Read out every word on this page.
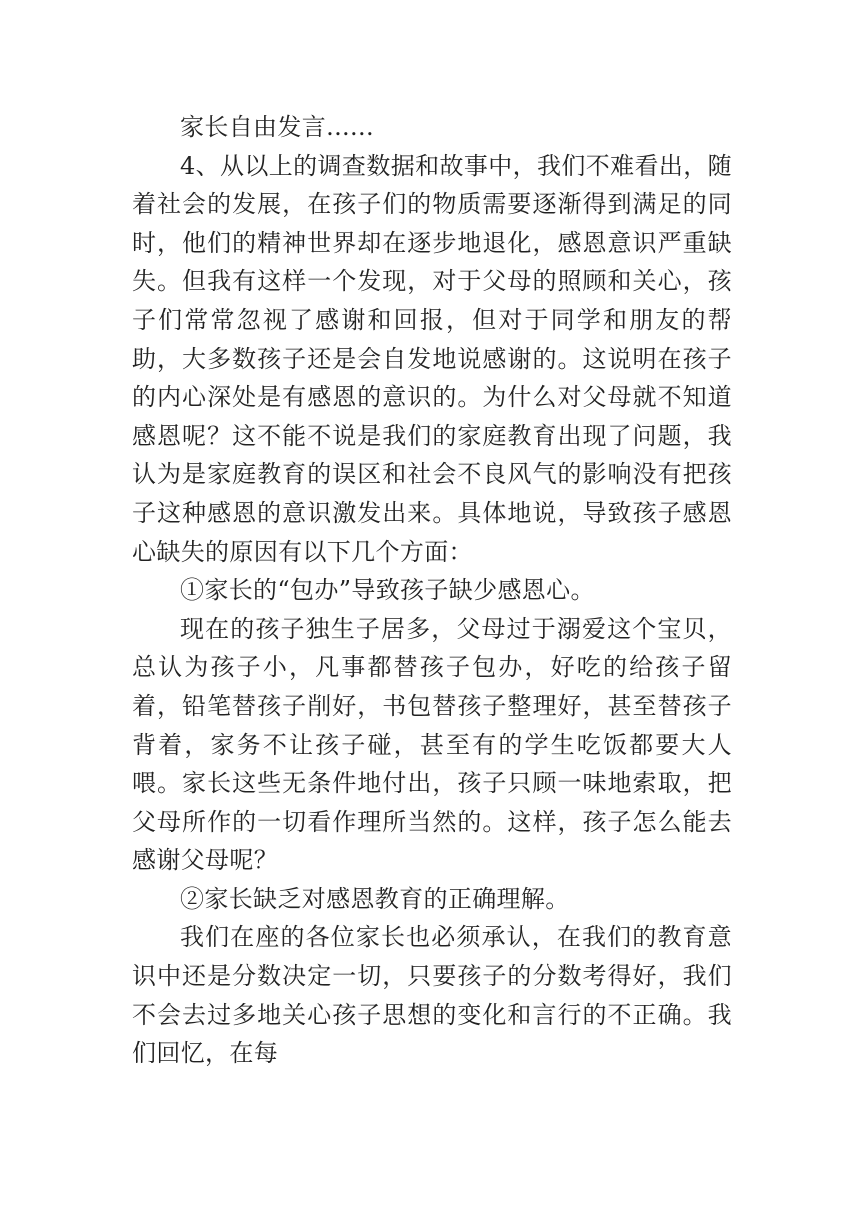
家长自由发言......

4、从以上的调查数据和故事中，我们不难看出，随着社会的发展，在孩子们的物质需要逐渐得到满足的同时，他们的精神世界却在逐步地退化，感恩意识严重缺失。但我有这样一个发现，对于父母的照顾和关心，孩子们常常忽视了感谢和回报，但对于同学和朋友的帮助，大多数孩子还是会自发地说感谢的。这说明在孩子的内心深处是有感恩的意识的。为什么对父母就不知道感恩呢？这不能不说是我们的家庭教育出现了问题，我认为是家庭教育的误区和社会不良风气的影响没有把孩子这种感恩的意识激发出来。具体地说，导致孩子感恩心缺失的原因有以下几个方面：

①家长的“包办”导致孩子缺少感恩心。

现在的孩子独生子居多，父母过于溺爱这个宝贝，总认为孩子小，凡事都替孩子包办，好吃的给孩子留着，铅笔替孩子削好，书包替孩子整理好，甚至替孩子背着，家务不让孩子碰，甚至有的学生吃饭都要大人喂。家长这些无条件地付出，孩子只顾一味地索取，把父母所作的一切看作理所当然的。这样，孩子怎么能去感谢父母呢？

②家长缺乏对感恩教育的正确理解。

我们在座的各位家长也必须承认，在我们的教育意识中还是分数决定一切，只要孩子的分数考得好，我们不会去过多地关心孩子思想的变化和言行的不正确。我们回忆，在每
